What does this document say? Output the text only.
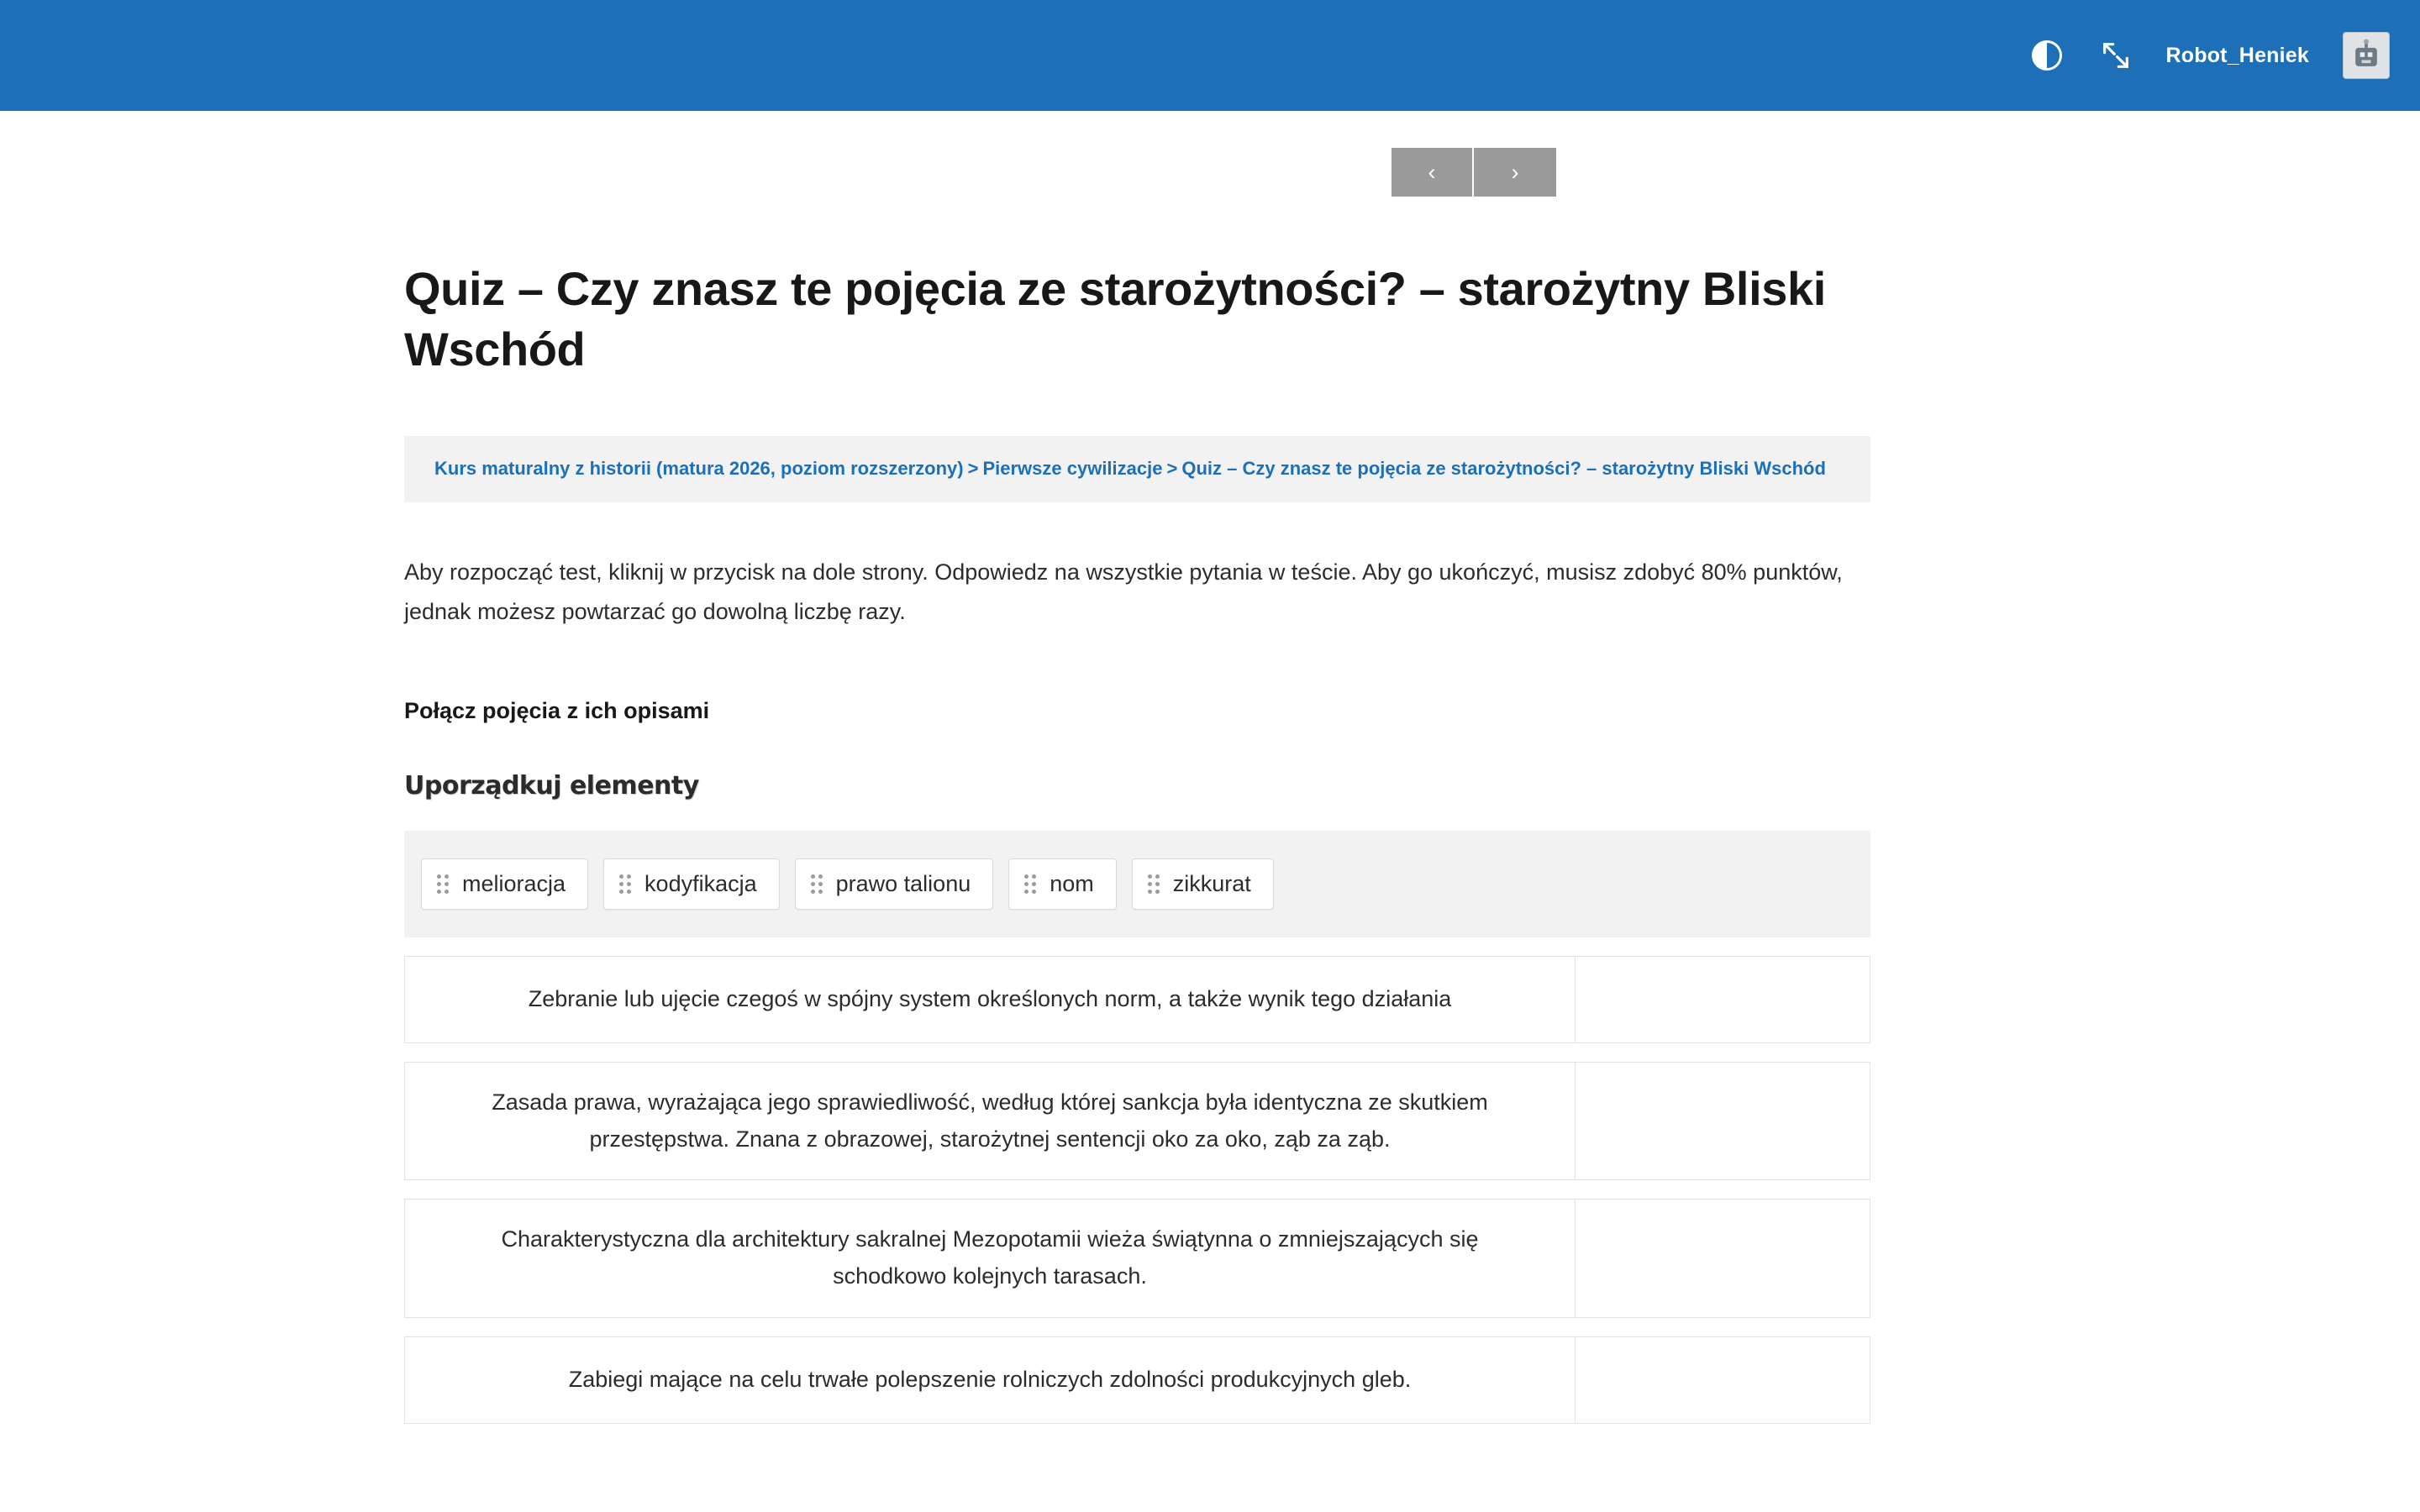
Robot_Heniek
‹	›
Quiz – Czy znasz te pojęcia ze starożytności? – starożytny Bliski Wschód
Kurs maturalny z historii (matura 2026, poziom rozszerzony) > Pierwsze cywilizacje > Quiz – Czy znasz te pojęcia ze starożytności? – starożytny Bliski Wschód

Aby rozpocząć test, kliknij w przycisk na dole strony. Odpowiedz na wszystkie pytania w teście. Aby go ukończyć, musisz zdobyć 80% punktów, jednak możesz powtarzać go dowolną liczbę razy.

Połącz pojęcia z ich opisami
Uporządkuj elementy
melioracja	kodyfikacja	prawo talionu	nom	zikkurat
Zebranie lub ujęcie czegoś w spójny system określonych norm, a także wynik tego działania
Zasada prawa, wyrażająca jego sprawiedliwość, według której sankcja była identyczna ze skutkiem przestępstwa. Znana z obrazowej, starożytnej sentencji oko za oko, ząb za ząb.
Charakterystyczna dla architektury sakralnej Mezopotamii wieża świątynna o zmniejszających się schodkowo kolejnych tarasach.
Zabiegi mające na celu trwałe polepszenie rolniczych zdolności produkcyjnych gleb.
